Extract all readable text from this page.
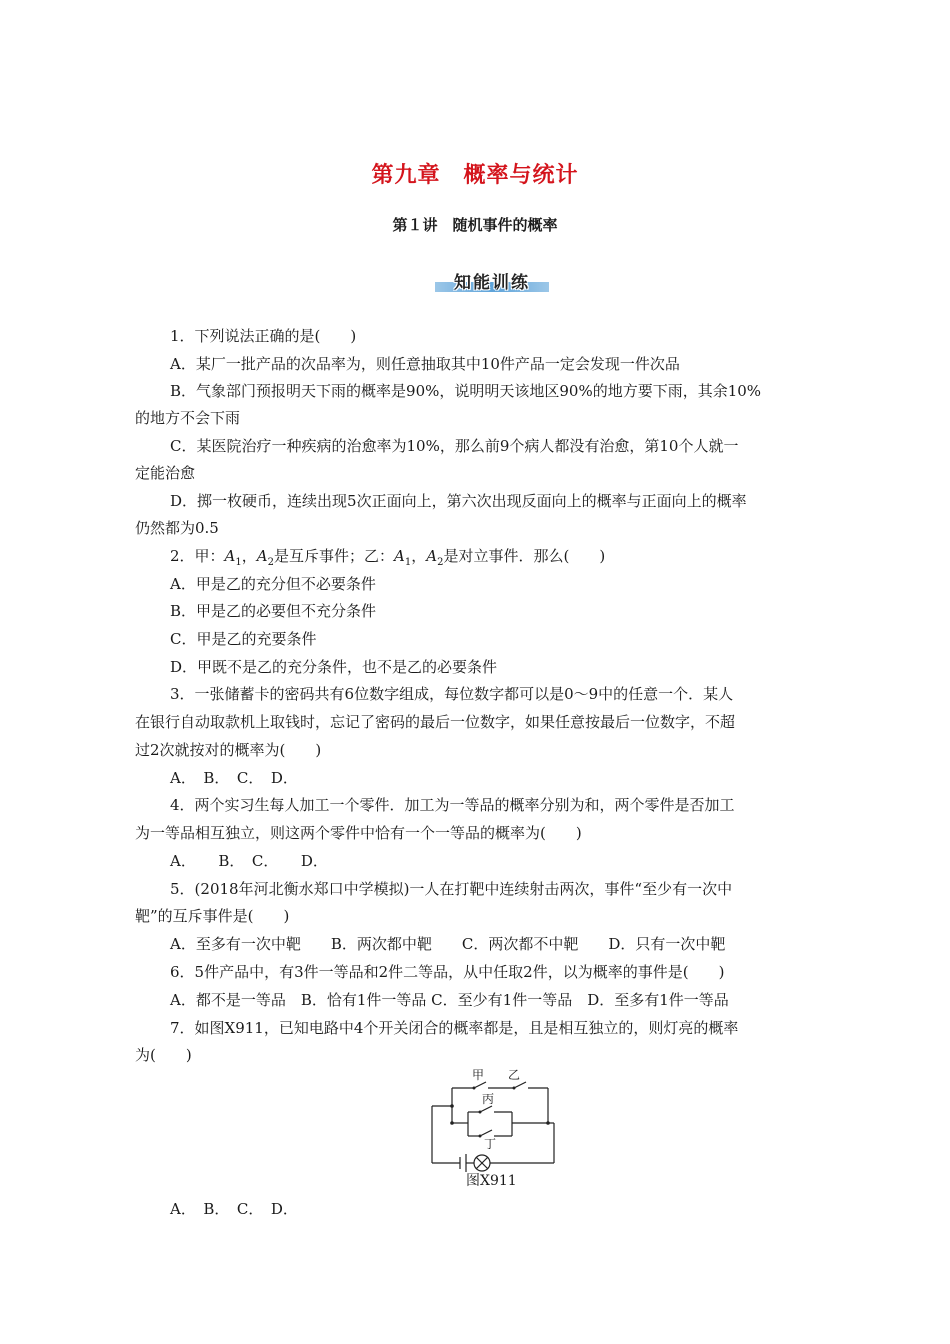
第九章　概率与统计
第１讲　随机事件的概率
知能训练
1．下列说法正确的是(　　)
A．某厂一批产品的次品率为，则任意抽取其中10件产品一定会发现一件次品
B．气象部门预报明天下雨的概率是90%，说明明天该地区90%的地方要下雨，其余10%
的地方不会下雨
C．某医院治疗一种疾病的治愈率为10%，那么前9个病人都没有治愈，第10个人就一
定能治愈
D．掷一枚硬币，连续出现5次正面向上，第六次出现反面向上的概率与正面向上的概率
仍然都为0.5
2．甲：$A_1$，$A_2$是互斥事件；乙：$A_1$，$A_2$是对立事件．那么(　　)
A．甲是乙的充分但不必要条件
B．甲是乙的必要但不充分条件
C．甲是乙的充要条件
D．甲既不是乙的充分条件，也不是乙的必要条件
3．一张储蓄卡的密码共有6位数字组成，每位数字都可以是0～9中的任意一个．某人
在银行自动取款机上取钱时，忘记了密码的最后一位数字，如果任意按最后一位数字，不超
过2次就按对的概率为(　　)
A．　B．　C．　D．
4．两个实习生每人加工一个零件．加工为一等品的概率分别为和，两个零件是否加工
为一等品相互独立，则这两个零件中恰有一个一等品的概率为(　　)
A．　　B．　C．　　D．
5．(2018年河北衡水郑口中学模拟)一人在打靶中连续射击两次，事件“至少有一次中
靶”的互斥事件是(　　)
A．至多有一次中靶　　B．两次都中靶　　C．两次都不中靶　　D．只有一次中靶
6．5件产品中，有3件一等品和2件二等品，从中任取2件，以为概率的事件是(　　)
A．都不是一等品　B．恰有1件一等品 C．至少有1件一等品　D．至多有1件一等品
7．如图X911，已知电路中4个开关闭合的概率都是，且是相互独立的，则灯亮的概率
为(　　)
甲 乙
丙
丁
图X911
A．　B．　C．　D．
